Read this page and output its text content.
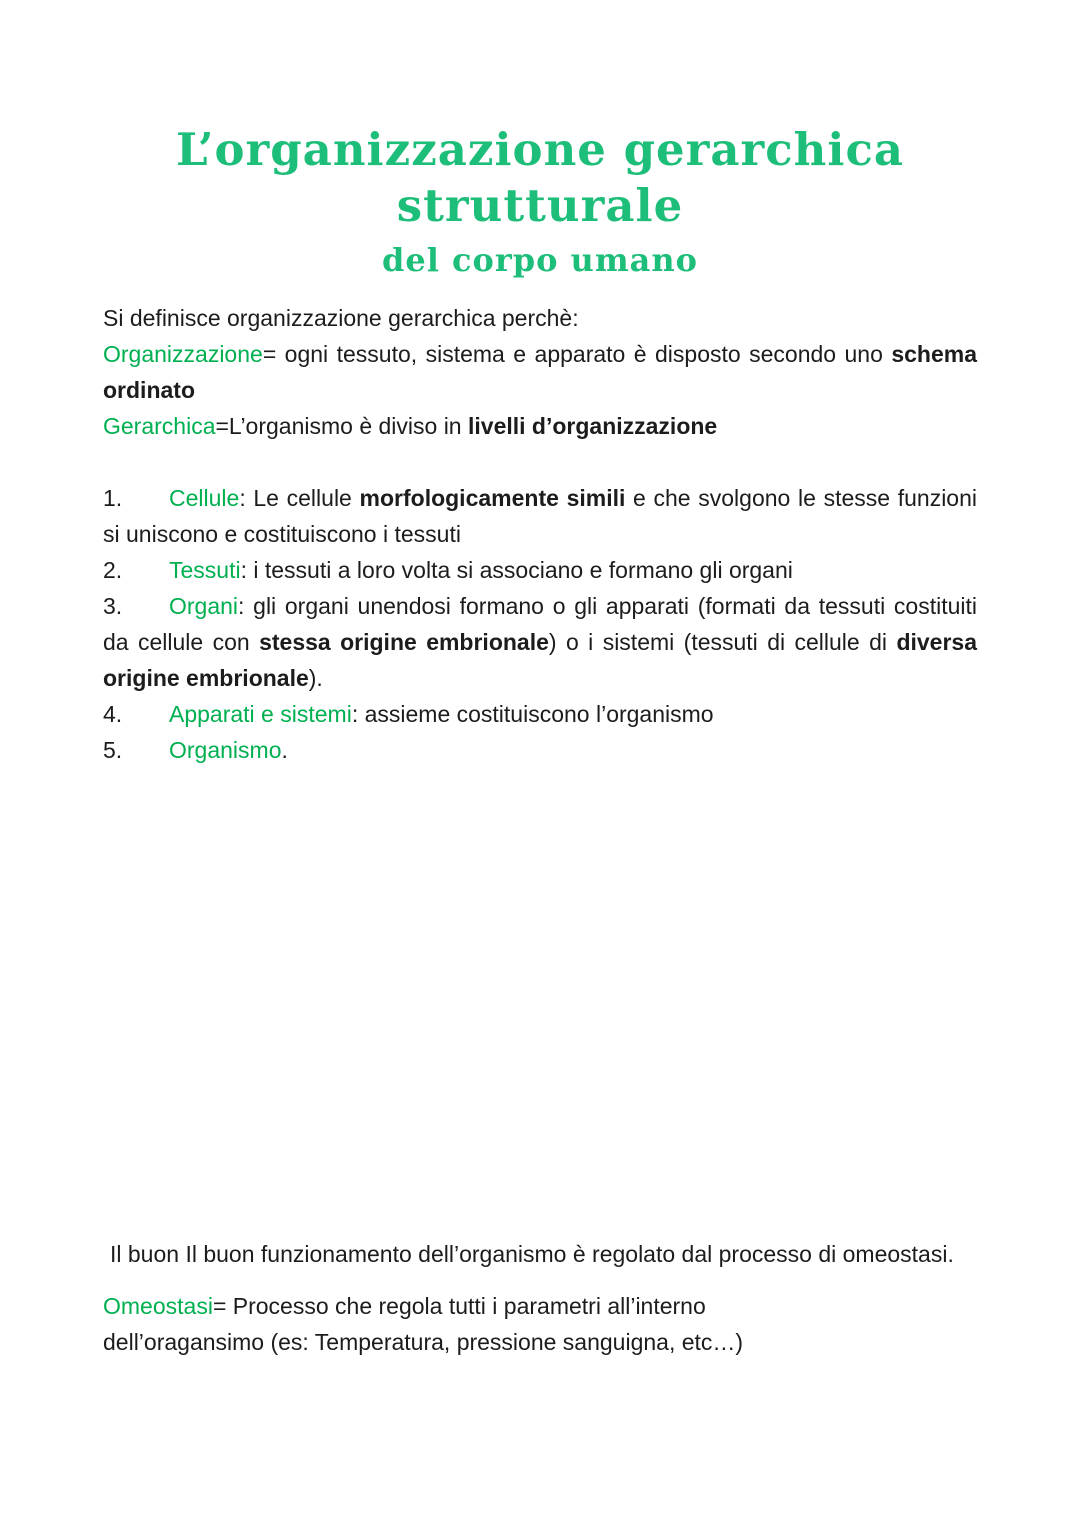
L’organizzazione gerarchica
strutturale
del corpo umano

Si definisce organizzazione gerarchica perchè:

Organizzazione= ogni tessuto, sistema e apparato è disposto secondo uno schema ordinato

Gerarchica=L’organismo è diviso in livelli d’organizzazione

1. Cellule: Le cellule morfologicamente simili e che svolgono le stesse funzioni si uniscono e costituiscono i tessuti

2. Tessuti: i tessuti a loro volta si associano e formano gli organi

3. Organi: gli organi unendosi formano o gli apparati (formati da tessuti costituiti da cellule con stessa origine embrionale) o i sistemi (tessuti di cellule di diversa origine embrionale).

4. Apparati e sistemi: assieme costituiscono l’organismo

5. Organismo.

Il buon Il buon funzionamento dell’organismo è regolato dal processo di omeostasi.

Omeostasi= Processo che regola tutti i parametri all’interno
dell’oragansimo (es: Temperatura, pressione sanguigna, etc…)
